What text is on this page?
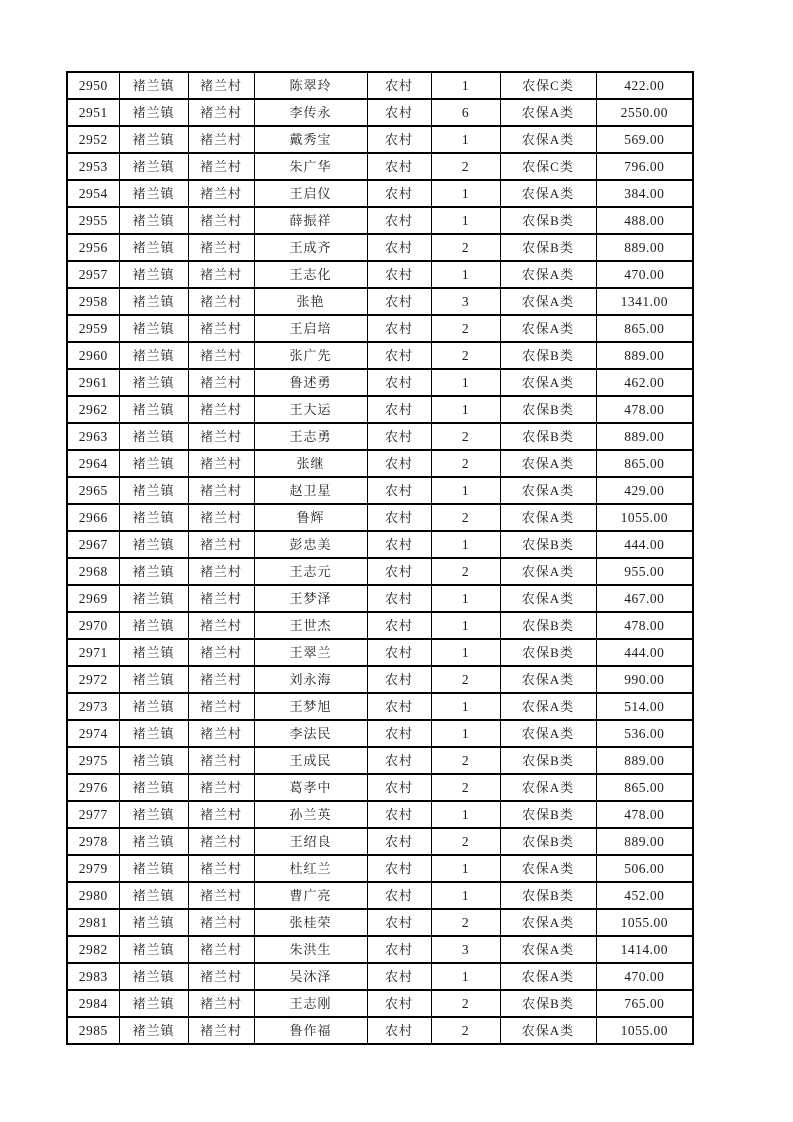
2950	褚兰镇	褚兰村	陈翠玲	农村	1	农保C类	422.00
2951	褚兰镇	褚兰村	李传永	农村	6	农保A类	2550.00
2952	褚兰镇	褚兰村	戴秀宝	农村	1	农保A类	569.00
2953	褚兰镇	褚兰村	朱广华	农村	2	农保C类	796.00
2954	褚兰镇	褚兰村	王启仪	农村	1	农保A类	384.00
2955	褚兰镇	褚兰村	薛振祥	农村	1	农保B类	488.00
2956	褚兰镇	褚兰村	王成齐	农村	2	农保B类	889.00
2957	褚兰镇	褚兰村	王志化	农村	1	农保A类	470.00
2958	褚兰镇	褚兰村	张艳	农村	3	农保A类	1341.00
2959	褚兰镇	褚兰村	王启培	农村	2	农保A类	865.00
2960	褚兰镇	褚兰村	张广先	农村	2	农保B类	889.00
2961	褚兰镇	褚兰村	鲁述勇	农村	1	农保A类	462.00
2962	褚兰镇	褚兰村	王大运	农村	1	农保B类	478.00
2963	褚兰镇	褚兰村	王志勇	农村	2	农保B类	889.00
2964	褚兰镇	褚兰村	张继	农村	2	农保A类	865.00
2965	褚兰镇	褚兰村	赵卫星	农村	1	农保A类	429.00
2966	褚兰镇	褚兰村	鲁辉	农村	2	农保A类	1055.00
2967	褚兰镇	褚兰村	彭忠美	农村	1	农保B类	444.00
2968	褚兰镇	褚兰村	王志元	农村	2	农保A类	955.00
2969	褚兰镇	褚兰村	王梦泽	农村	1	农保A类	467.00
2970	褚兰镇	褚兰村	王世杰	农村	1	农保B类	478.00
2971	褚兰镇	褚兰村	王翠兰	农村	1	农保B类	444.00
2972	褚兰镇	褚兰村	刘永海	农村	2	农保A类	990.00
2973	褚兰镇	褚兰村	王梦旭	农村	1	农保A类	514.00
2974	褚兰镇	褚兰村	李法民	农村	1	农保A类	536.00
2975	褚兰镇	褚兰村	王成民	农村	2	农保B类	889.00
2976	褚兰镇	褚兰村	葛孝中	农村	2	农保A类	865.00
2977	褚兰镇	褚兰村	孙兰英	农村	1	农保B类	478.00
2978	褚兰镇	褚兰村	王绍良	农村	2	农保B类	889.00
2979	褚兰镇	褚兰村	杜红兰	农村	1	农保A类	506.00
2980	褚兰镇	褚兰村	曹广亮	农村	1	农保B类	452.00
2981	褚兰镇	褚兰村	张桂荣	农村	2	农保A类	1055.00
2982	褚兰镇	褚兰村	朱洪生	农村	3	农保A类	1414.00
2983	褚兰镇	褚兰村	吴沐泽	农村	1	农保A类	470.00
2984	褚兰镇	褚兰村	王志刚	农村	2	农保B类	765.00
2985	褚兰镇	褚兰村	鲁作福	农村	2	农保A类	1055.00
